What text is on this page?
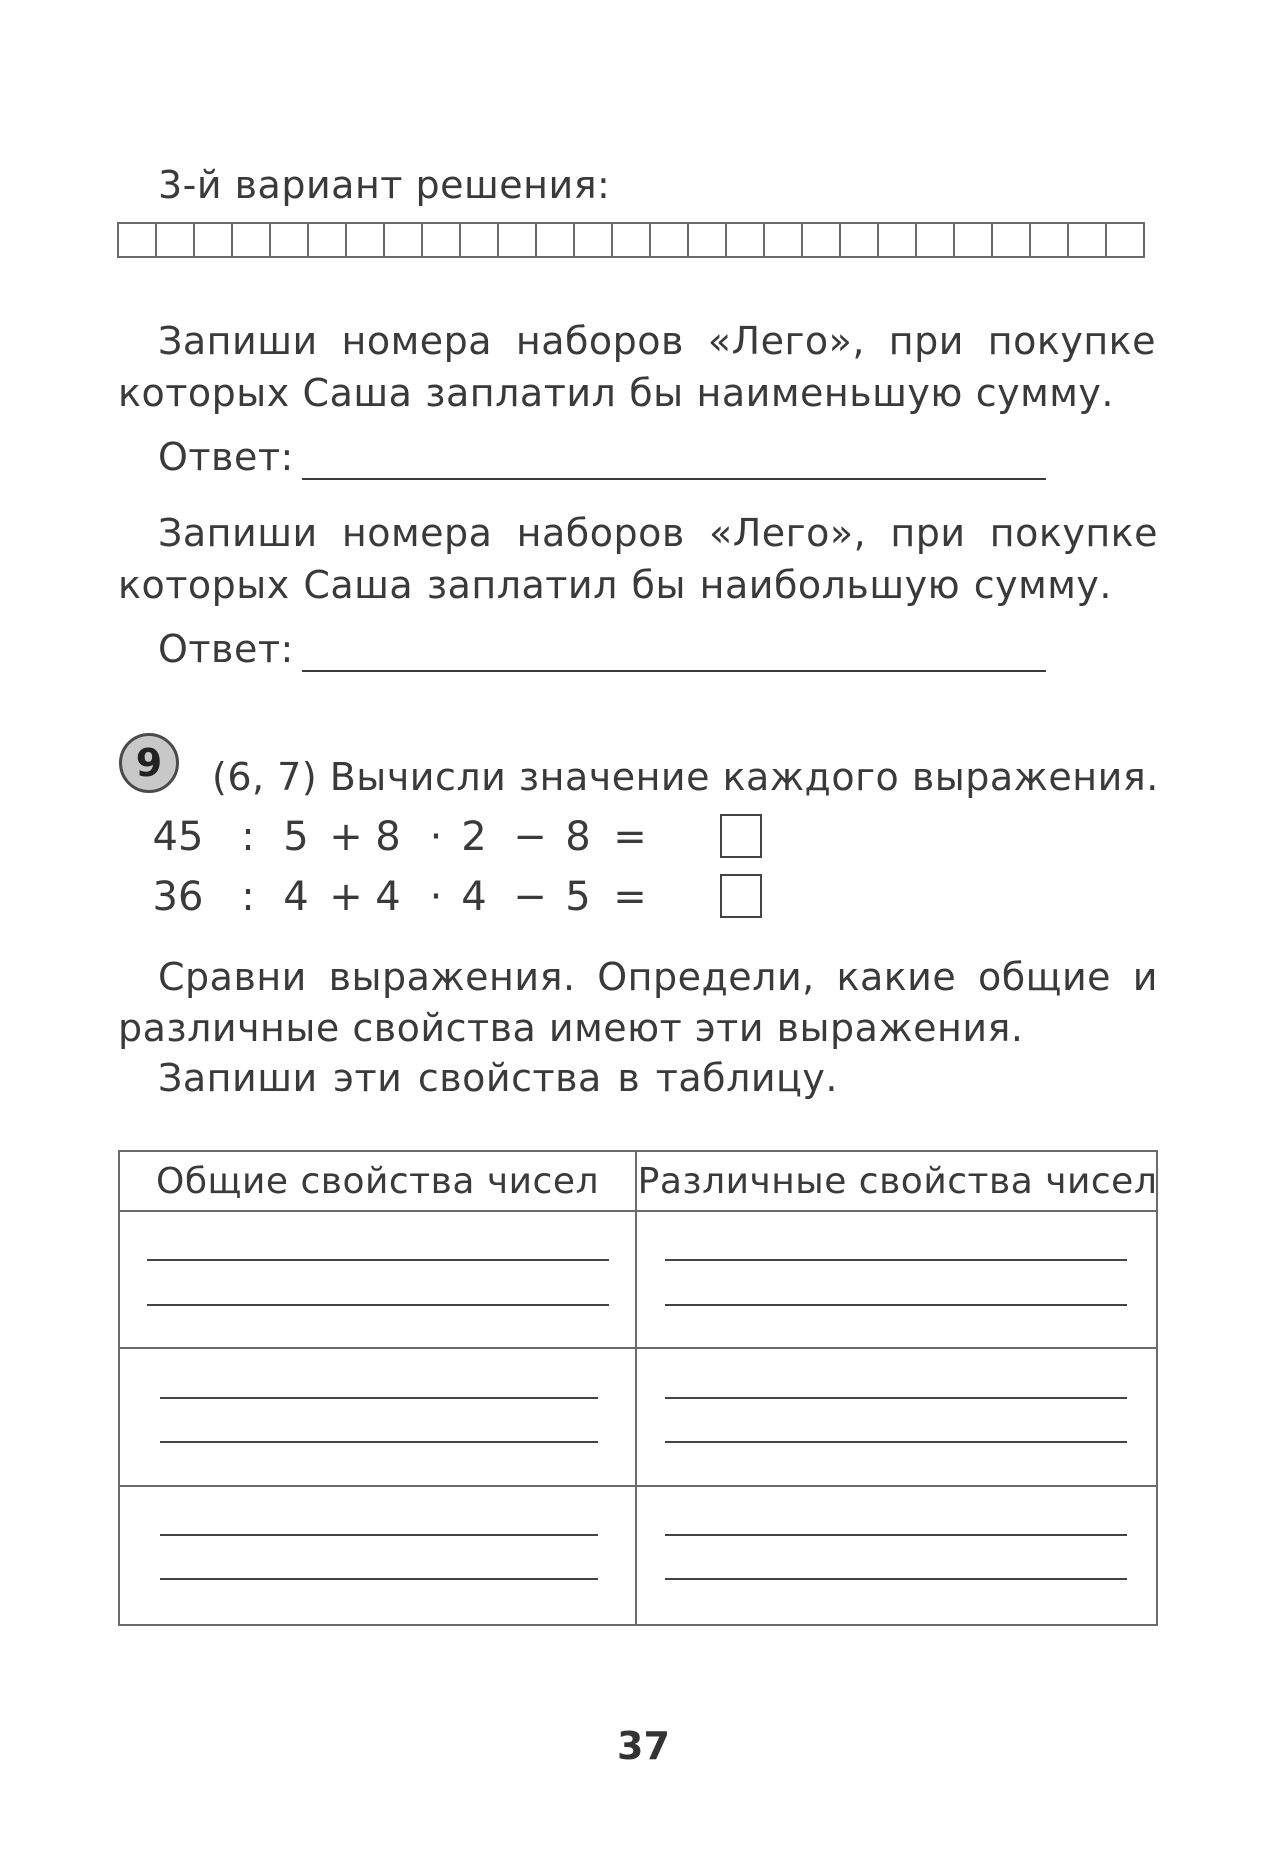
3-й вариант решения:
Запиши номера наборов «Лего», при покупке
которых Саша заплатил бы наименьшую сумму.
Ответ:
Запиши номера наборов «Лего», при покупке
которых Саша заплатил бы наибольшую сумму.
Ответ:
9	(6, 7) Вычисли значение каждого выражения.
45 : 5 + 8 · 2 − 8 =
36 : 4 + 4 · 4 − 5 =
Сравни выражения. Определи, какие общие и
различные свойства имеют эти выражения.
Запиши эти свойства в таблицу.
Общие свойства чисел	Различные свойства чисел
37
